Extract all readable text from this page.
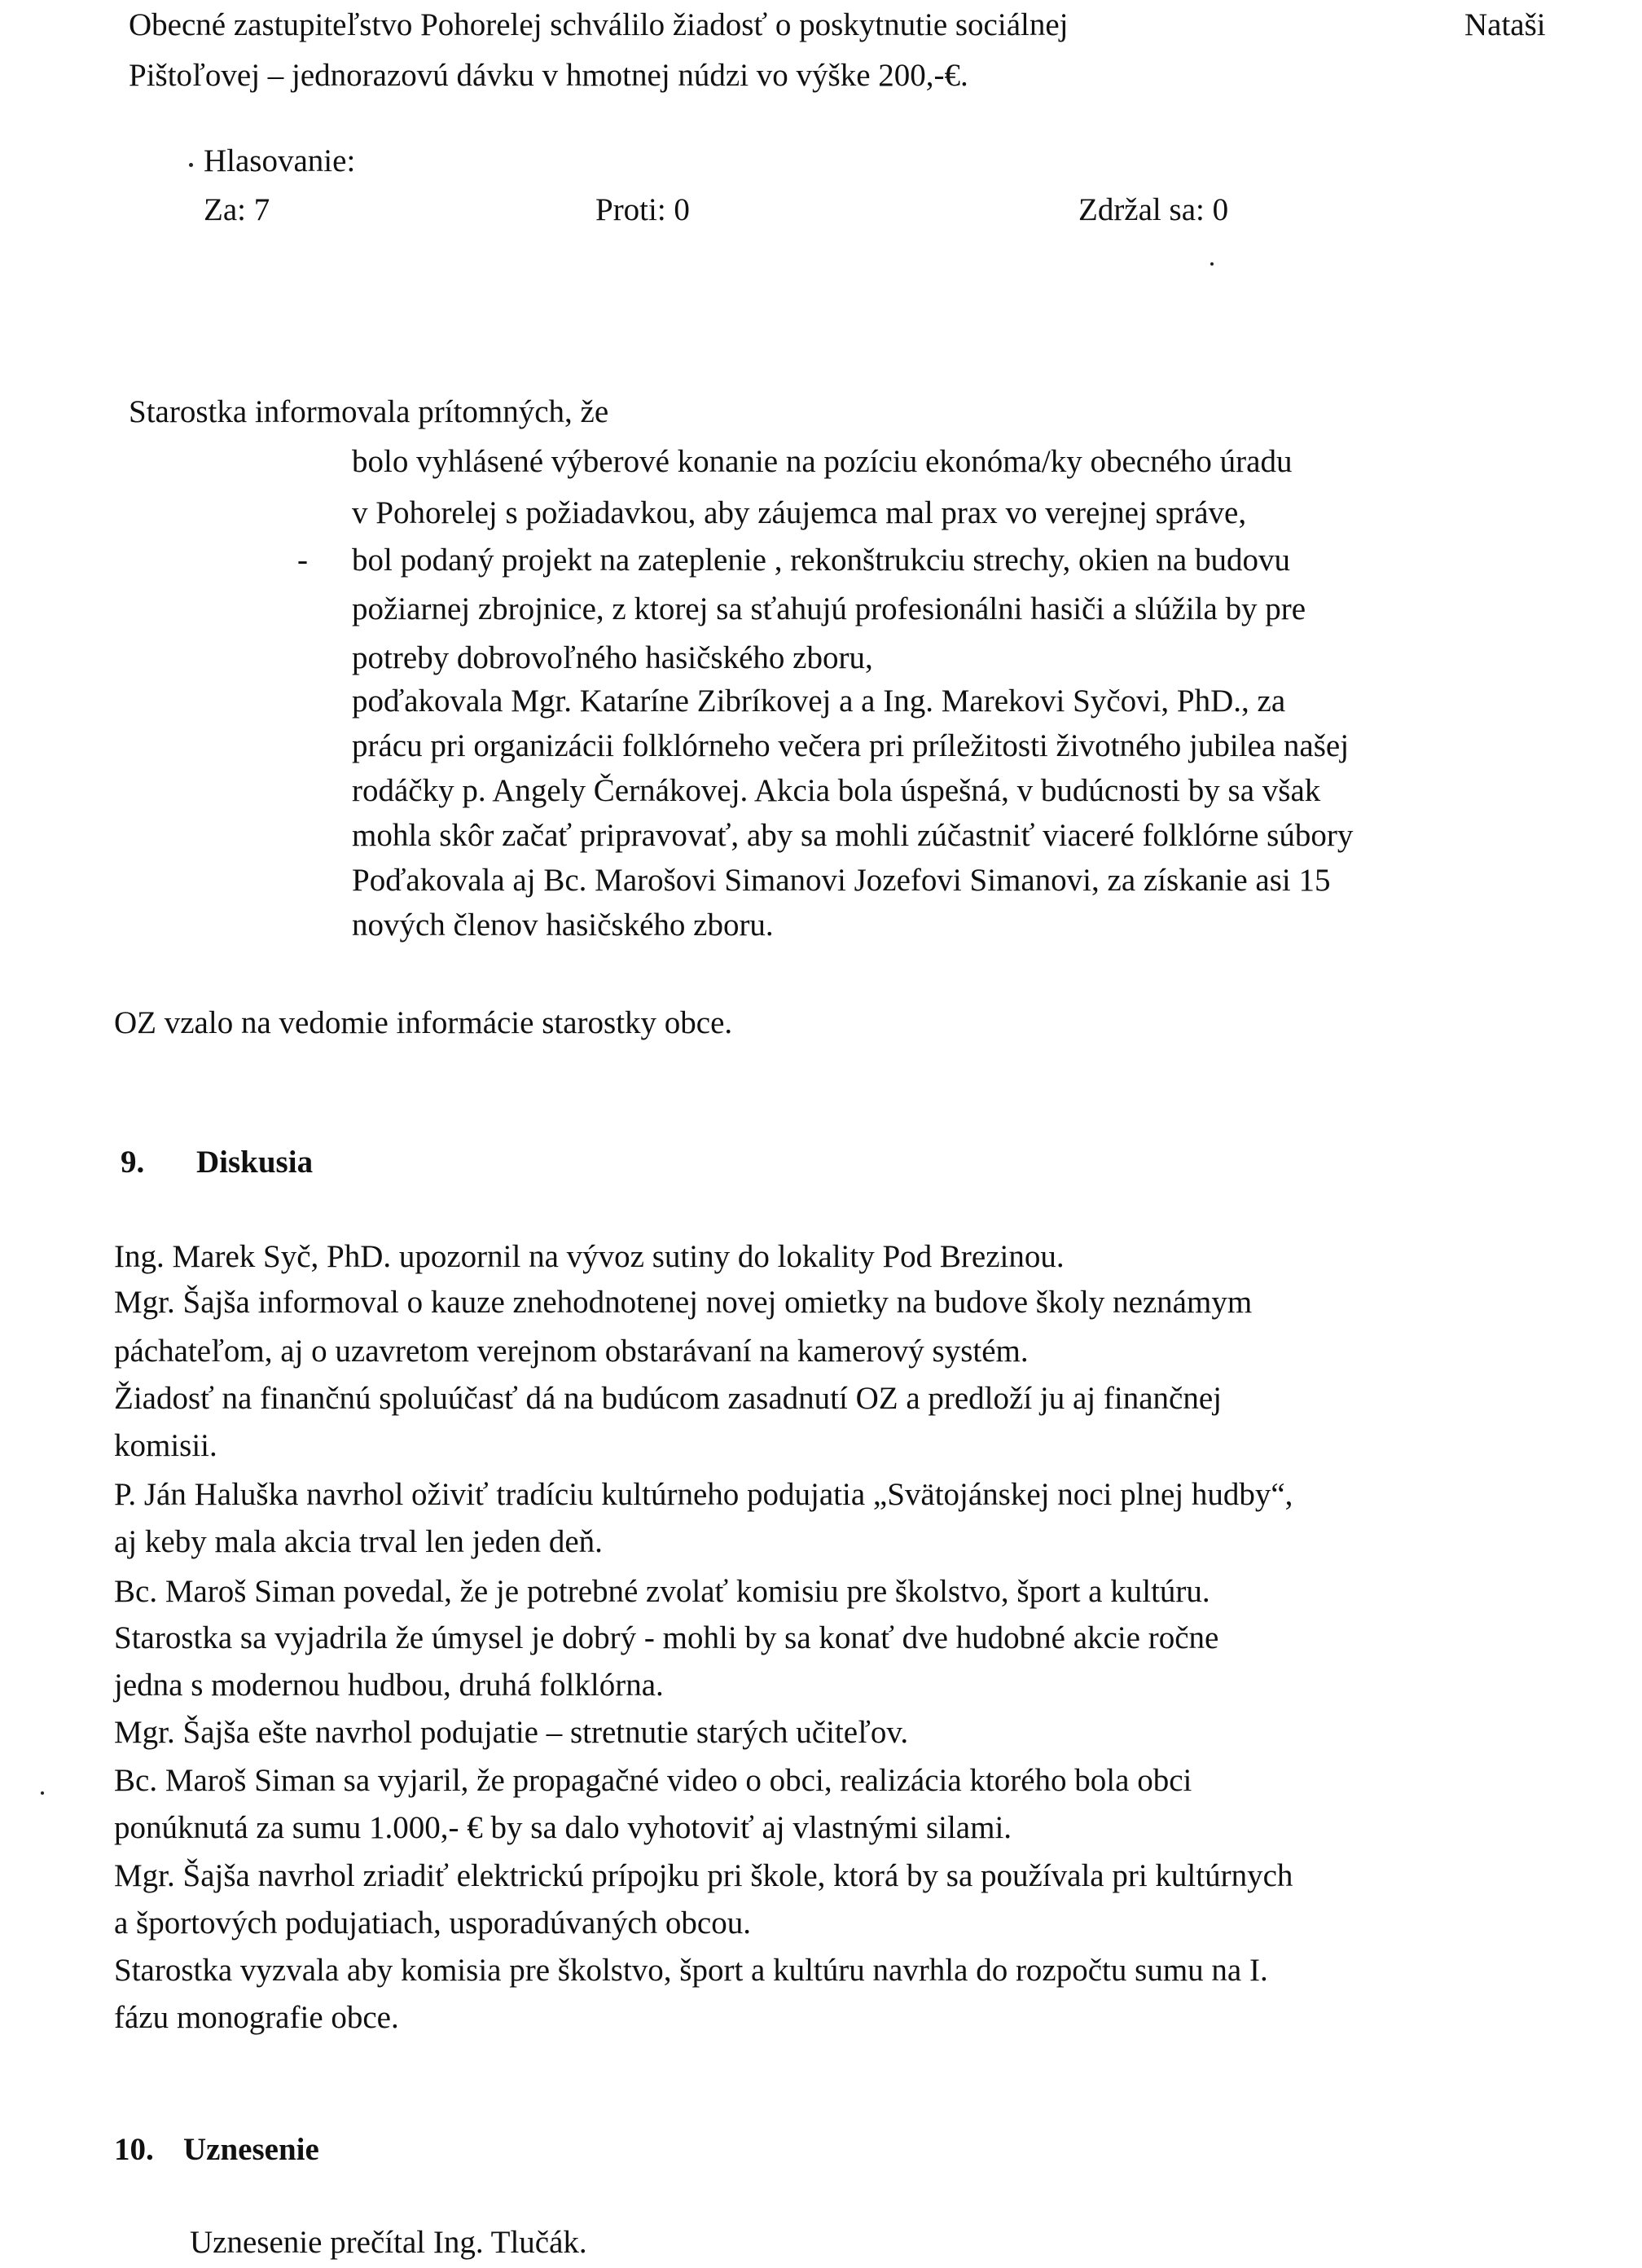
Obecné zastupiteľstvo Pohorelej schválilo žiadosť o poskytnutie sociálnej	Nataši
Pištoľovej – jednorazovú dávku v hmotnej núdzi vo výške 200,-€.
Hlasovanie:
Za: 7	Proti: 0	Zdržal sa: 0
Starostka informovala prítomných, že
bolo vyhlásené výberové konanie na pozíciu ekonóma/ky obecného úradu
v Pohorelej s požiadavkou, aby záujemca mal prax vo verejnej správe,
- bol podaný projekt na zateplenie , rekonštrukciu strechy, okien na budovu
požiarnej zbrojnice, z ktorej sa sťahujú profesionálni hasiči a slúžila by pre
potreby dobrovoľného hasičského zboru,
poďakovala Mgr. Kataríne Zibríkovej a a Ing. Marekovi Syčovi, PhD., za
prácu pri organizácii folklórneho večera pri príležitosti životného jubilea našej
rodáčky p. Angely Černákovej. Akcia bola úspešná, v budúcnosti by sa však
mohla skôr začať pripravovať, aby sa mohli zúčastniť viaceré folklórne súbory
Poďakovala aj Bc. Marošovi Simanovi Jozefovi Simanovi, za získanie asi 15
nových členov hasičského zboru.
OZ vzalo na vedomie informácie starostky obce.
9. Diskusia
Ing. Marek Syč, PhD. upozornil na vývoz sutiny do lokality Pod Brezinou.
Mgr. Šajša informoval o kauze znehodnotenej novej omietky na budove školy neznámym
páchateľom, aj o uzavretom verejnom obstarávaní na kamerový systém.
Žiadosť na finančnú spoluúčasť dá na budúcom zasadnutí OZ a predloží ju aj finančnej
komisii.
P. Ján Haluška navrhol oživiť tradíciu kultúrneho podujatia „Svätojánskej noci plnej hudby“,
aj keby mala akcia trval len jeden deň.
Bc. Maroš Siman povedal, že je potrebné zvolať komisiu pre školstvo, šport a kultúru.
Starostka sa vyjadrila že úmysel je dobrý - mohli by sa konať dve hudobné akcie ročne
jedna s modernou hudbou, druhá folklórna.
Mgr. Šajša ešte navrhol podujatie – stretnutie starých učiteľov.
Bc. Maroš Siman sa vyjaril, že propagačné video o obci, realizácia ktorého bola obci
ponúknutá za sumu 1.000,- € by sa dalo vyhotoviť aj vlastnými silami.
Mgr. Šajša navrhol zriadiť elektrickú prípojku pri škole, ktorá by sa používala pri kultúrnych
a športových podujatiach, usporadúvaných obcou.
Starostka vyzvala aby komisia pre školstvo, šport a kultúru navrhla do rozpočtu sumu na I.
fázu monografie obce.
10. Uznesenie
Uznesenie prečítal Ing. Tlučák.
